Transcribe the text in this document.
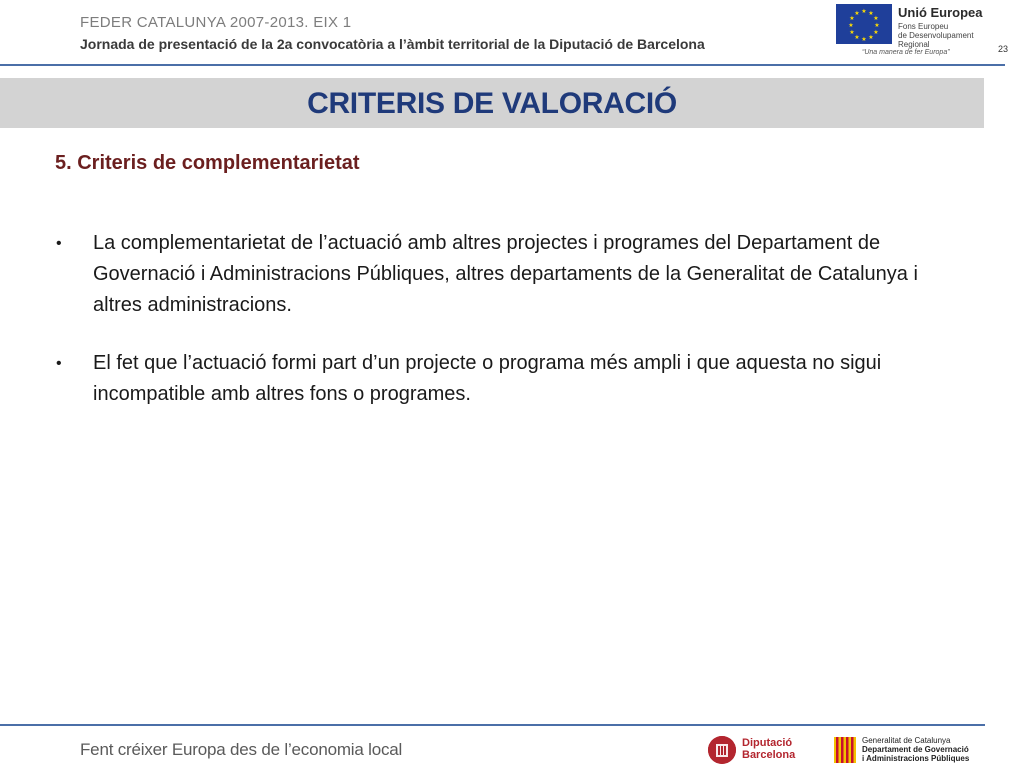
FEDER CATALUNYA 2007-2013. EIX 1
Jornada de presentació de la 2a convocatòria a l’àmbit territorial de la Diputació de Barcelona
★ ★
★
★
★
★
★
★
★
★
★
★	Unió Europea
Fons Europeu
de Desenvolupament
Regional
“Una manera de fer Europa”	23
CRITERIS DE VALORACIÓ
5. Criteris de complementarietat
• La complementarietat de l’actuació amb altres projectes i programes del Departament de Governació i Administracions Públiques, altres departaments de la Generalitat de Catalunya i altres administracions.
• El fet que l’actuació formi part d’un projecte o programa més ampli i que aquesta no sigui incompatible amb altres fons o programes.
Fent créixer Europa des de l’economia local	Diputació
Barcelona
Generalitat de Catalunya
Departament de Governació
i Administracions Públiques
